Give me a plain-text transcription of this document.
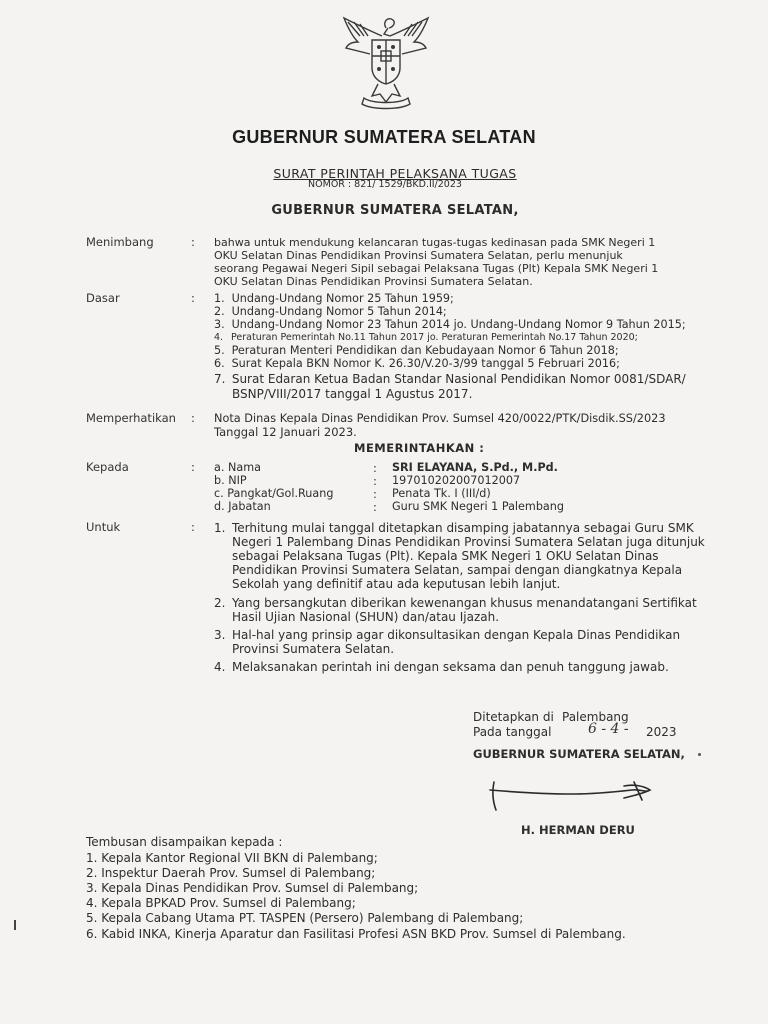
GUBERNUR SUMATERA SELATAN
SURAT PERINTAH PELAKSANA TUGAS
NOMOR : 821/ 1529/BKD.II/2023
GUBERNUR SUMATERA SELATAN,
Menimbang	: bahwa untuk mendukung kelancaran tugas-tugas kedinasan pada SMK Negeri 1
OKU Selatan Dinas Pendidikan Provinsi Sumatera Selatan, perlu menunjuk
seorang Pegawai Negeri Sipil sebagai Pelaksana Tugas (Plt) Kepala SMK Negeri 1
OKU Selatan Dinas Pendidikan Provinsi Sumatera Selatan.
Dasar	: 1. Undang-Undang Nomor 25 Tahun 1959;
2. Undang-Undang Nomor 5 Tahun 2014;
3. Undang-Undang Nomor 23 Tahun 2014 jo. Undang-Undang Nomor 9 Tahun 2015;
4. Peraturan Pemerintah No.11 Tahun 2017 jo. Peraturan Pemerintah No.17 Tahun 2020;
5. Peraturan Menteri Pendidikan dan Kebudayaan Nomor 6 Tahun 2018;
6. Surat Kepala BKN Nomor K. 26.30/V.20-3/99 tanggal 5 Februari 2016;
7. Surat Edaran Ketua Badan Standar Nasional Pendidikan Nomor 0081/SDAR/
BSNP/VIII/2017 tanggal 1 Agustus 2017.
Memperhatikan : Nota Dinas Kepala Dinas Pendidikan Prov. Sumsel 420/0022/PTK/Disdik.SS/2023
Tanggal 12 Januari 2023.
MEMERINTAHKAN :
Kepada	: a. Nama	: SRI ELAYANA, S.Pd., M.Pd.
b. NIP	: 197010202007012007
c. Pangkat/Gol.Ruang	: Penata Tk. I (III/d)
d. Jabatan	: Guru SMK Negeri 1 Palembang
Untuk	: 1. Terhitung mulai tanggal ditetapkan disamping jabatannya sebagai Guru SMK
Negeri 1 Palembang Dinas Pendidikan Provinsi Sumatera Selatan juga ditunjuk
sebagai Pelaksana Tugas (Plt). Kepala SMK Negeri 1 OKU Selatan Dinas
Pendidikan Provinsi Sumatera Selatan, sampai dengan diangkatnya Kepala
Sekolah yang definitif atau ada keputusan lebih lanjut.
2. Yang bersangkutan diberikan kewenangan khusus menandatangani Sertifikat
Hasil Ujian Nasional (SHUN) dan/atau Ijazah.
3. Hal-hal yang prinsip agar dikonsultasikan dengan Kepala Dinas Pendidikan
Provinsi Sumatera Selatan.
4. Melaksanakan perintah ini dengan seksama dan penuh tanggung jawab.
Ditetapkan di Palembang
Pada tanggal	6 - 4 - 2023
GUBERNUR SUMATERA SELATAN,
H. HERMAN DERU
Tembusan disampaikan kepada :
1. Kepala Kantor Regional VII BKN di Palembang;
2. Inspektur Daerah Prov. Sumsel di Palembang;
3. Kepala Dinas Pendidikan Prov. Sumsel di Palembang;
4. Kepala BPKAD Prov. Sumsel di Palembang;
5. Kepala Cabang Utama PT. TASPEN (Persero) Palembang di Palembang;
6. Kabid INKA, Kinerja Aparatur dan Fasilitasi Profesi ASN BKD Prov. Sumsel di Palembang.
